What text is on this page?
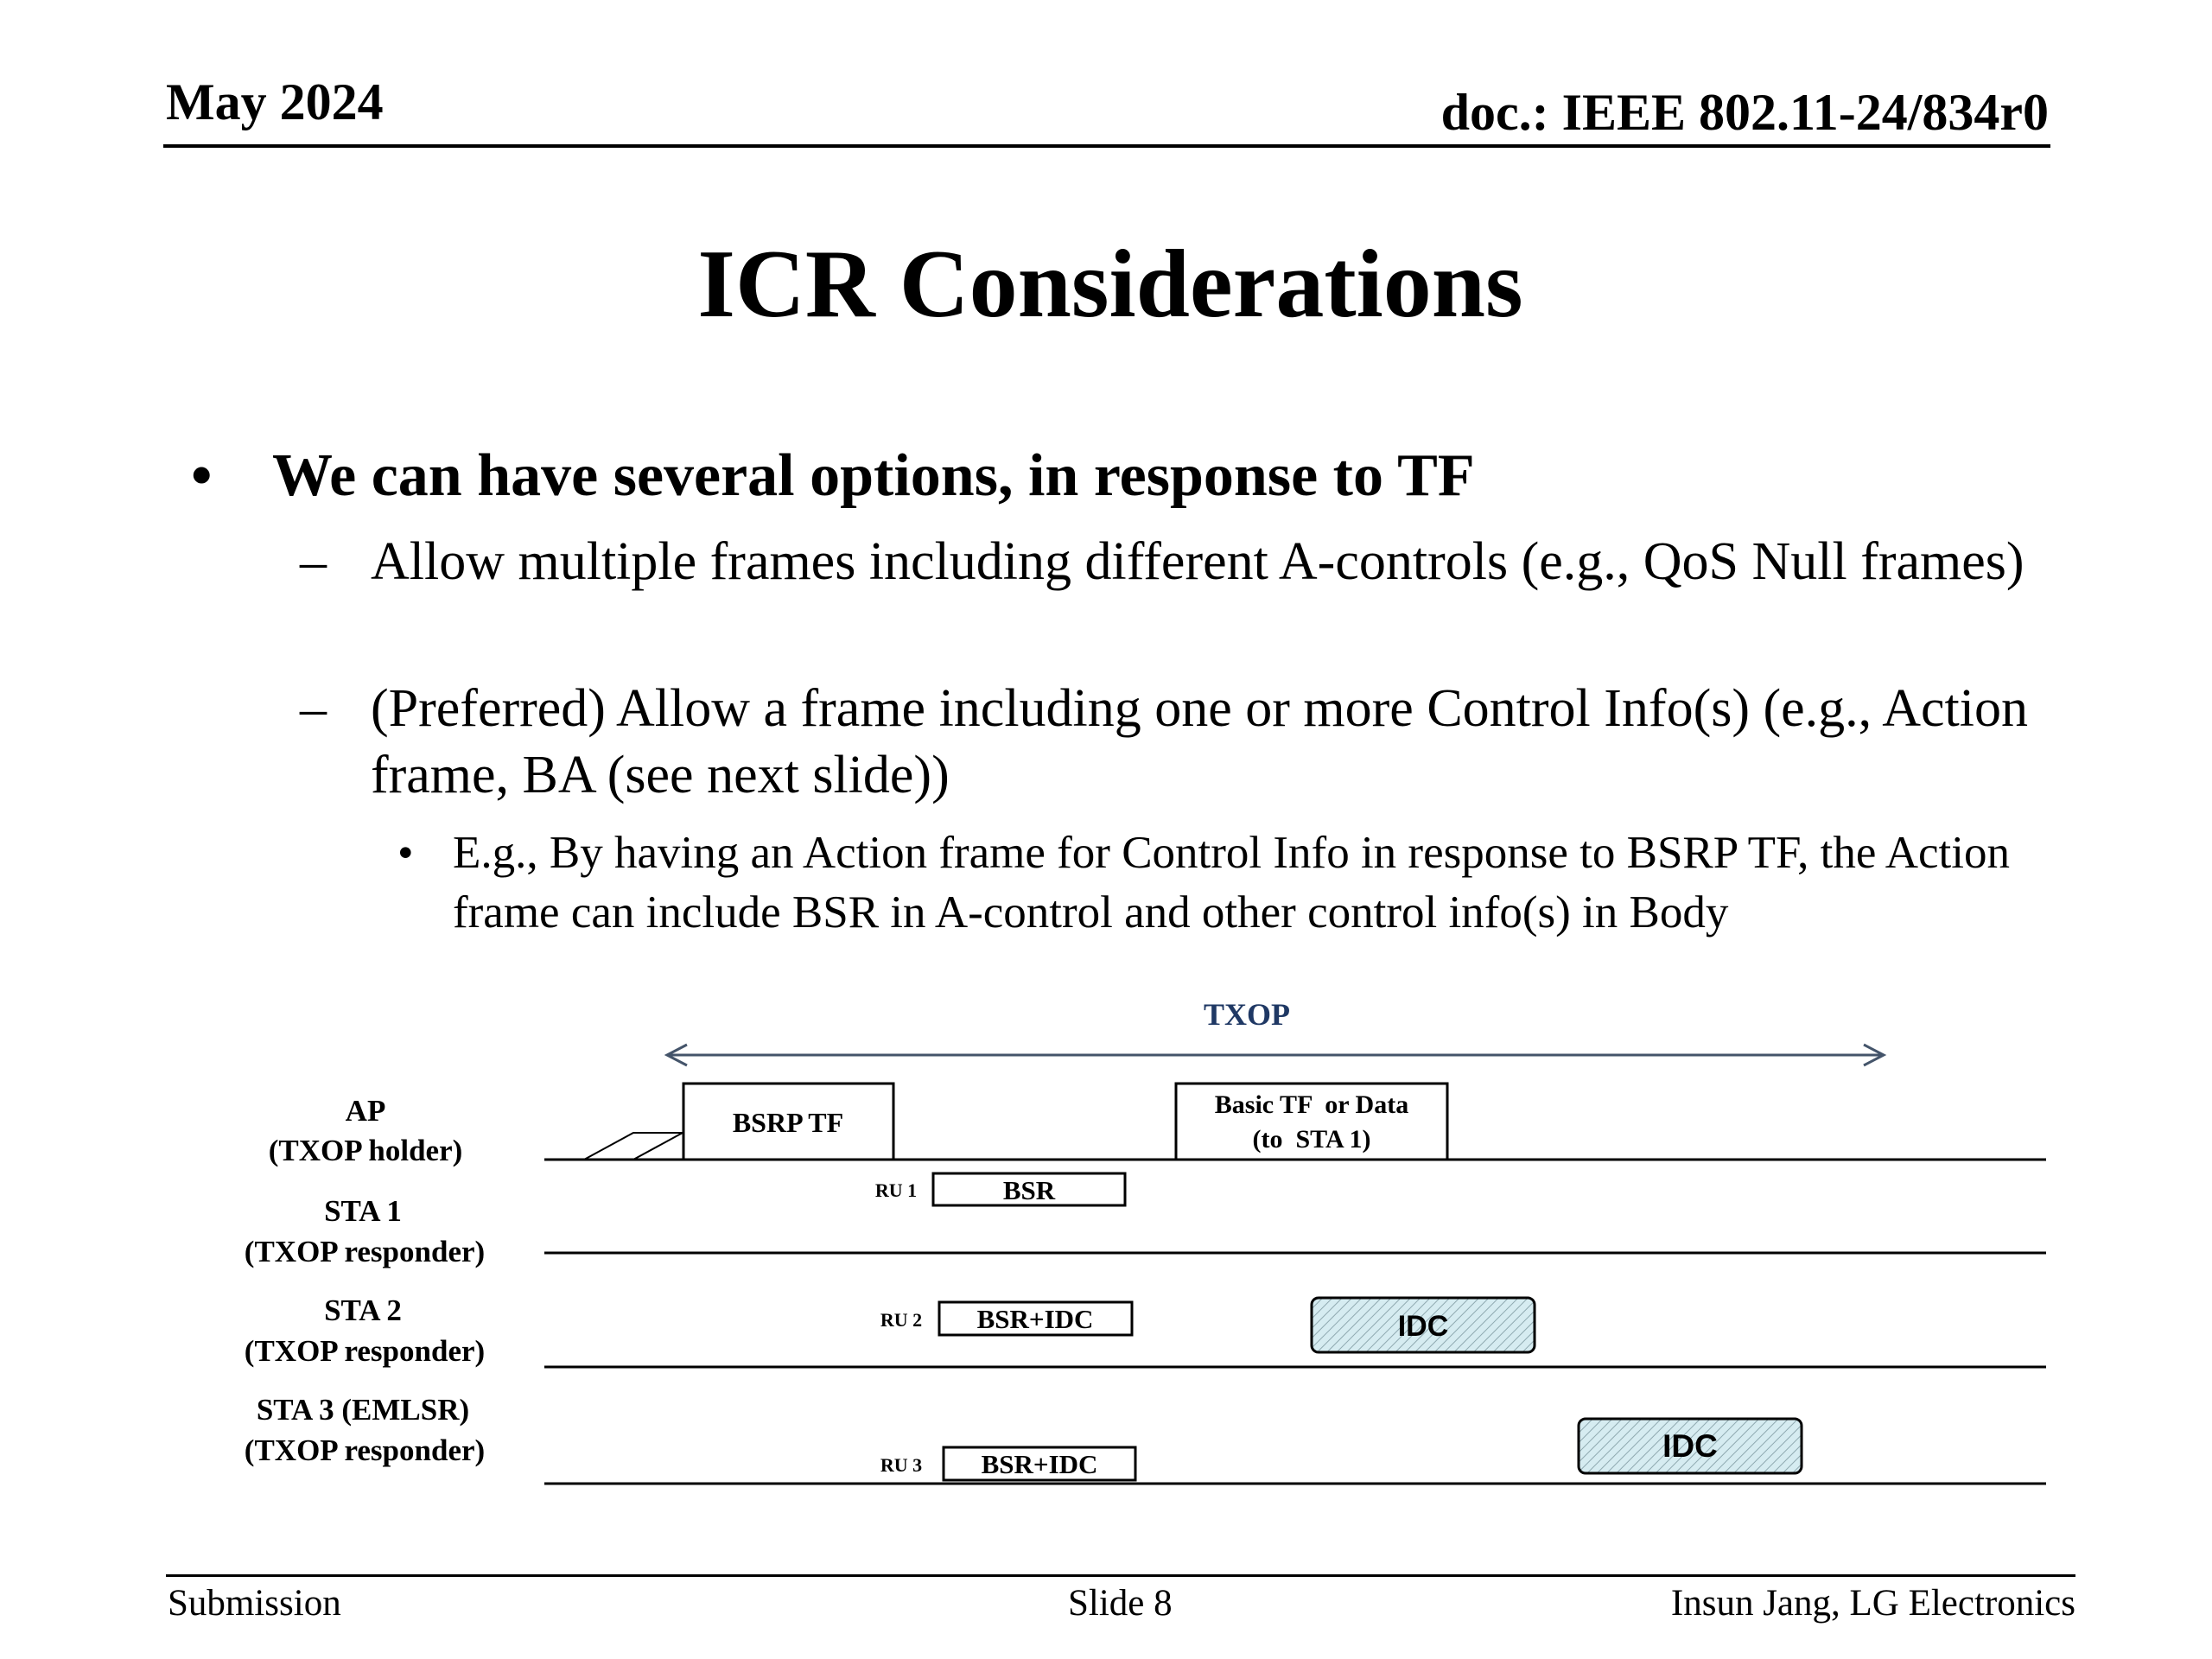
May 2024	doc.: IEEE 802.11-24/834r0
ICR Considerations
• We can have several options, in response to TF
– Allow multiple frames including different A-controls (e.g., QoS Null frames)
– (Preferred) Allow a frame including one or more Control Info(s) (e.g., Action frame, BA (see next slide))
• E.g., By having an Action frame for Control Info in response to BSRP TF, the Action frame can include BSR in A-control and other control info(s) in Body
TXOP
AP
(TXOP holder)
STA 1
(TXOP responder)
STA 2
(TXOP responder)
STA 3 (EMLSR)
(TXOP responder)
BSRP TF
Basic TF  or Data
(to  STA 1)
RU 1	BSR
RU 2 BSR+IDC	IDC
RU 3 BSR+IDC
IDC
Submission	Slide 8	Insun Jang, LG Electronics
